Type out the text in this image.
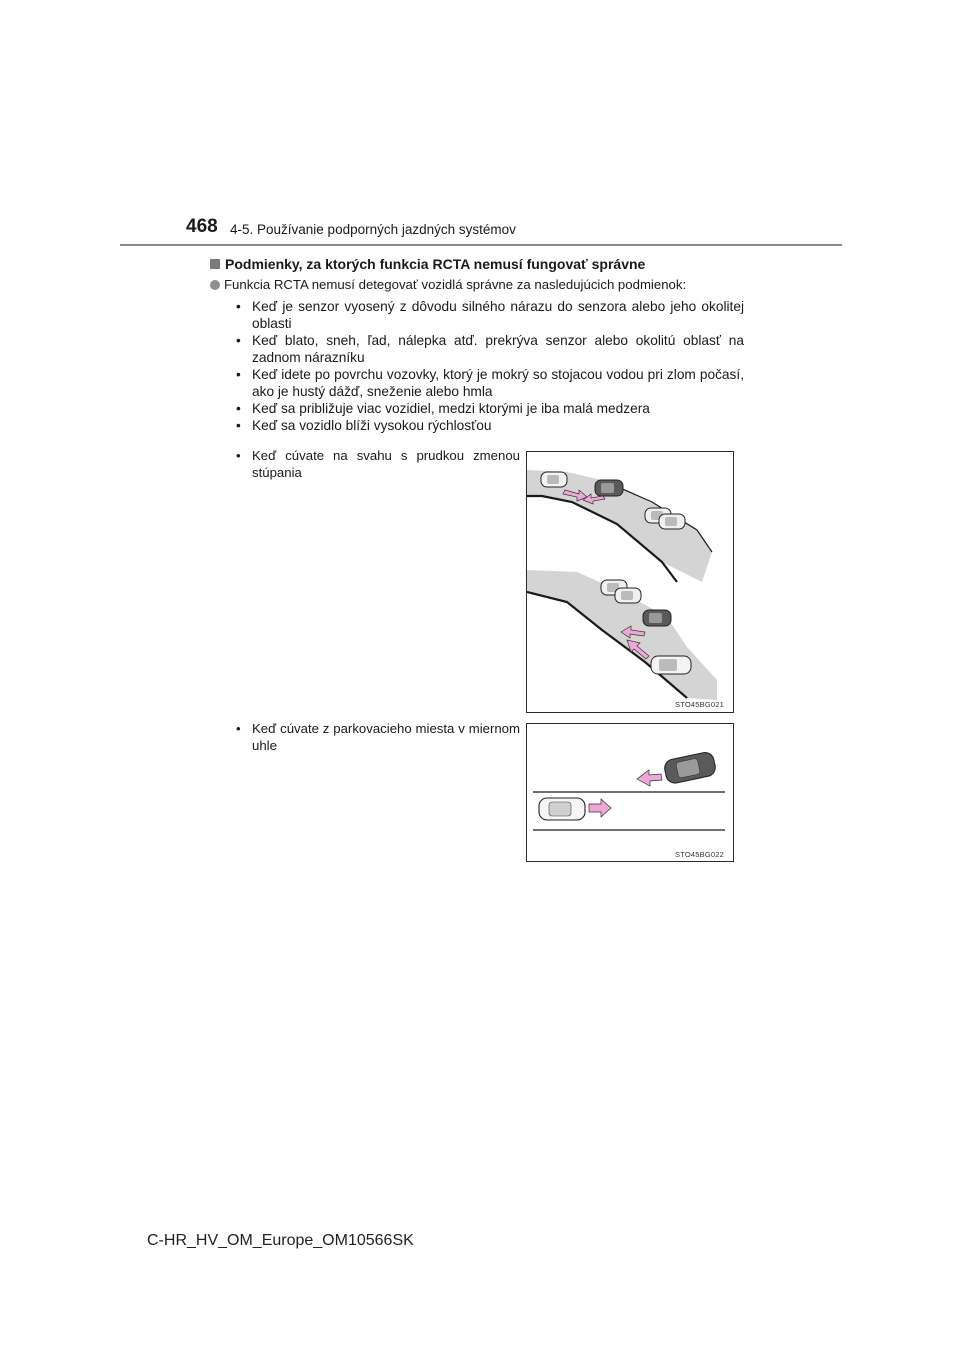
468 4-5. Používanie podporných jazdných systémov
Podmienky, za ktorých funkcia RCTA nemusí fungovať správne
Funkcia RCTA nemusí detegovať vozidlá správne za nasledujúcich podmienok:
• Keď je senzor vyosený z dôvodu silného nárazu do senzora alebo jeho okolitej oblasti
• Keď blato, sneh, ľad, nálepka atď. prekrýva senzor alebo okolitú oblasť na zadnom nárazníku
• Keď idete po povrchu vozovky, ktorý je mokrý so stojacou vodou pri zlom počasí, ako je hustý dážď, sneženie alebo hmla
• Keď sa približuje viac vozidiel, medzi ktorými je iba malá medzera
• Keď sa vozidlo blíži vysokou rýchlosťou
• Keď cúvate na svahu s prudkou zmenou stúpania
• Keď cúvate z parkovacieho miesta v miernom uhle
STO45BG021
STO45BG022
C-HR_HV_OM_Europe_OM10566SK
